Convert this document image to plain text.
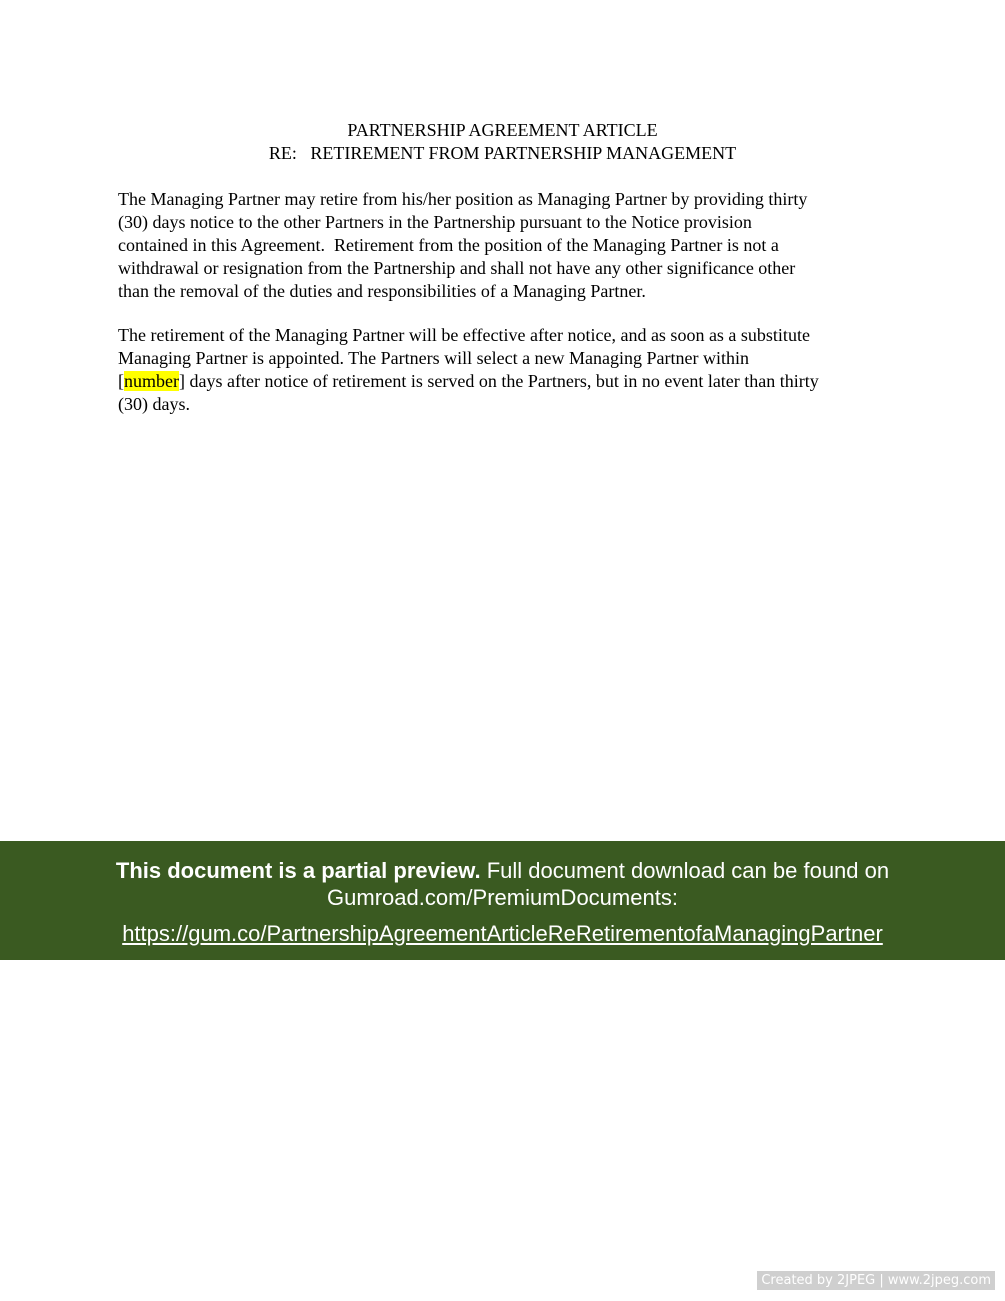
PARTNERSHIP AGREEMENT ARTICLE
RE:   RETIREMENT FROM PARTNERSHIP MANAGEMENT

The Managing Partner may retire from his/her position as Managing Partner by providing thirty
(30) days notice to the other Partners in the Partnership pursuant to the Notice provision
contained in this Agreement.  Retirement from the position of the Managing Partner is not a
withdrawal or resignation from the Partnership and shall not have any other significance other
than the removal of the duties and responsibilities of a Managing Partner.

The retirement of the Managing Partner will be effective after notice, and as soon as a substitute
Managing Partner is appointed. The Partners will select a new Managing Partner within
[number] days after notice of retirement is served on the Partners, but in no event later than thirty
(30) days.

This document is a partial preview. Full document download can be found on
Gumroad.com/PremiumDocuments:
https://gum.co/PartnershipAgreementArticleReRetirementofaManagingPartner
Created by 2JPEG | www.2jpeg.com
